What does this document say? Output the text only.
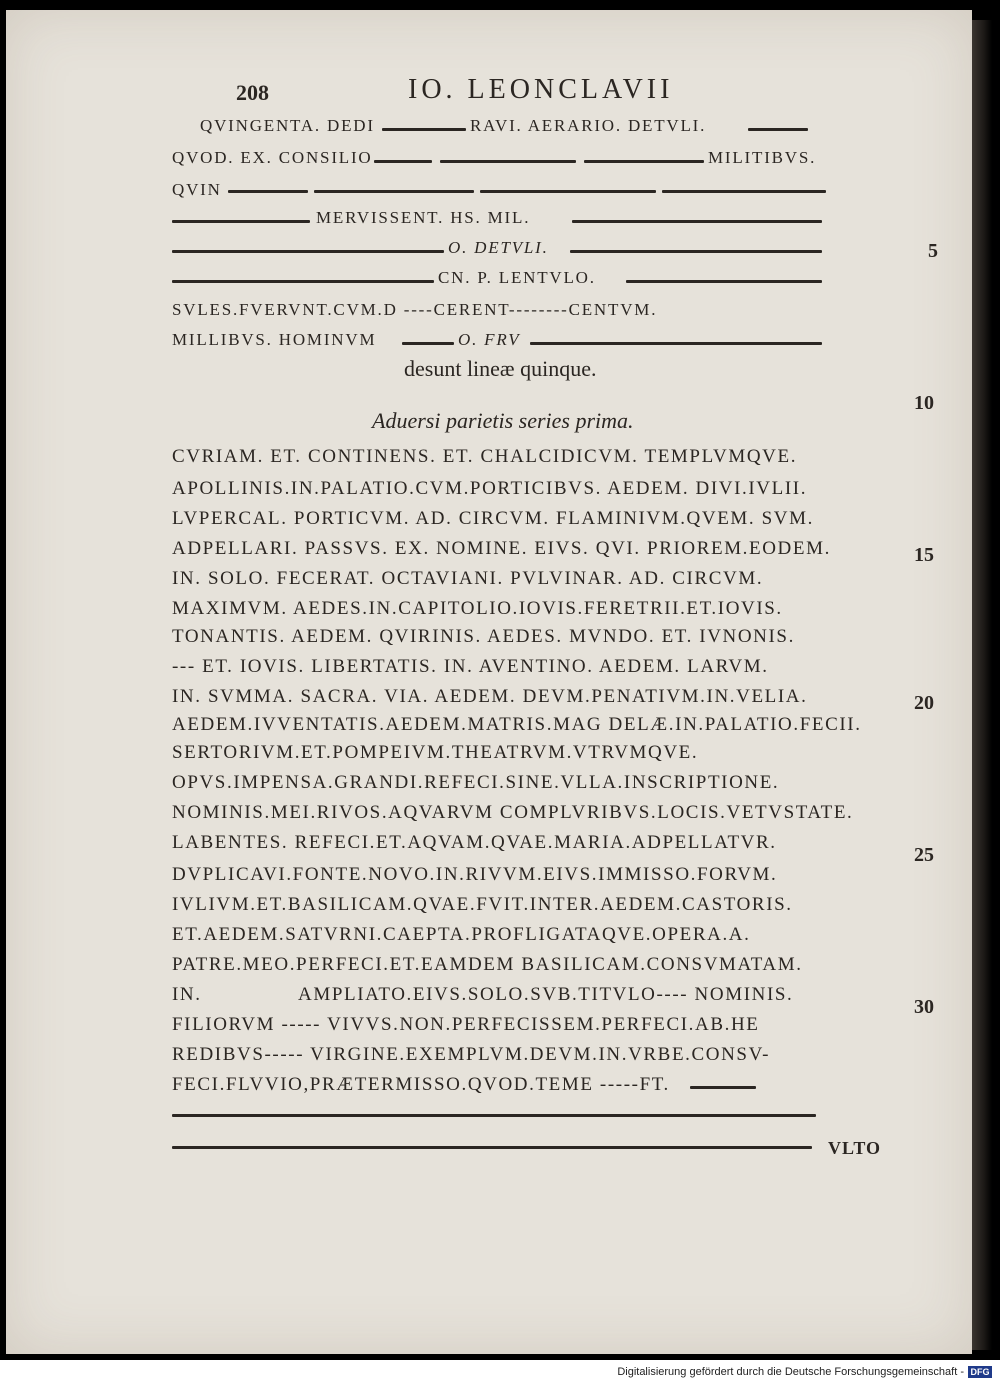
208	IO. LEONCLAVII
QVINGENTA. DEDI	RAVI. AERARIO. DETVLI.
QVOD. EX. CONSILIO	MILITIBVS.
QVIN
MERVISSENT. HS. MIL.
O. DETVLI.
CN. P. LENTVLO.
SVLES.FVERVNT.CVM.D ----CERENT--------CENTVM.
MILLIBVS. HOMINVM	O. FRV
desunt lineæ quinque.
Aduersi parietis series prima.
CVRIAM. ET. CONTINENS. ET. CHALCIDICVM. TEMPLVMQVE.
APOLLINIS.IN.PALATIO.CVM.PORTICIBVS. AEDEM. DIVI.IVLII.
LVPERCAL. PORTICVM. AD. CIRCVM. FLAMINIVM.QVEM. SVM.
ADPELLARI. PASSVS. EX. NOMINE. EIVS. QVI. PRIOREM.EODEM.
IN. SOLO. FECERAT. OCTAVIANI. PVLVINAR. AD. CIRCVM.
MAXIMVM. AEDES.IN.CAPITOLIO.IOVIS.FERETRII.ET.IOVIS.
TONANTIS. AEDEM. QVIRINIS. AEDES. MVNDO. ET. IVNONIS.
--- ET. IOVIS. LIBERTATIS. IN. AVENTINO. AEDEM. LARVM.
IN. SVMMA. SACRA. VIA. AEDEM. DEVM.PENATIVM.IN.VELIA.
AEDEM.IVVENTATIS.AEDEM.MATRIS.MAG DELÆ.IN.PALATIO.FECII.
SERTORIVM.ET.POMPEIVM.THEATRVM.VTRVMQVE.
OPVS.IMPENSA.GRANDI.REFECI.SINE.VLLA.INSCRIPTIONE.
NOMINIS.MEI.RIVOS.AQVARVM COMPLVRIBVS.LOCIS.VETVSTATE.
LABENTES. REFECI.ET.AQVAM.QVAE.MARIA.ADPELLATVR.
DVPLICAVI.FONTE.NOVO.IN.RIVVM.EIVS.IMMISSO.FORVM.
IVLIVM.ET.BASILICAM.QVAE.FVIT.INTER.AEDEM.CASTORIS.
ET.AEDEM.SATVRNI.CAEPTA.PROFLIGATAQVE.OPERA.A.
PATRE.MEO.PERFECI.ET.EAMDEM BASILICAM.CONSVMATAM.
IN.	AMPLIATO.EIVS.SOLO.SVB.TITVLO---- NOMINIS.
FILIORVM ----- VIVVS.NON.PERFECISSEM.PERFECI.AB.HE
REDIBVS----- VIRGINE.EXEMPLVM.DEVM.IN.VRBE.CONSV-
FECI.FLVVIO,PRÆTERMISSO.QVOD.TEME -----FT.
VLTO
5
10
15
20
25
30
Digitalisierung gefördert durch die Deutsche Forschungsgemeinschaft - DFG
